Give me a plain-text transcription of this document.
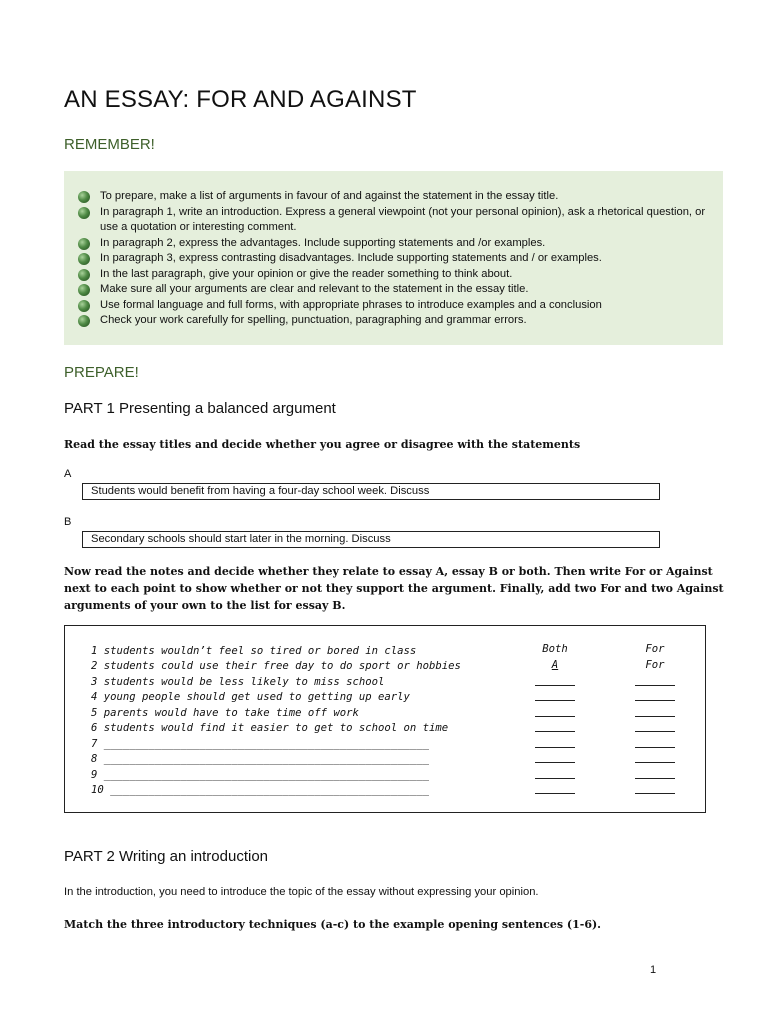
AN ESSAY: FOR AND AGAINST
REMEMBER!
To prepare, make a list of arguments in favour of and against the statement in the essay title.
In paragraph 1, write an introduction. Express a general viewpoint (not your personal opinion), ask a rhetorical question, or use a quotation or interesting comment.
In paragraph 2, express the advantages. Include supporting statements and /or examples.
In paragraph 3, express contrasting disadvantages. Include supporting statements and / or examples.
In the last paragraph, give your opinion or give the reader something to think about.
Make sure all your arguments are clear and relevant to the statement in the essay title.
Use formal language and full forms, with appropriate phrases to introduce examples and a conclusion
Check your work carefully for spelling, punctuation, paragraphing and grammar errors.
PREPARE!

PART 1 Presenting a balanced argument

Read the essay titles and decide whether you agree or disagree with the statements

A
Students would benefit from having a four-day school week. Discuss
B
Secondary schools should start later in the morning. Discuss

Now read the notes and decide whether they relate to essay A, essay B or both. Then write For or Against next to each point to show whether or not they support the argument. Finally, add two For and two Against arguments of your own to the list for essay B.

1 students wouldn’t feel so tired or bored in class
2 students could use their free day to do sport or hobbies
3 students would be less likely to miss school
4 young people should get used to getting up early
5 parents would have to take time off work
6 students would find it easier to get to school on time
7 ___________________________________________________
8 ___________________________________________________
9 ___________________________________________________
10 __________________________________________________
Both
A
For
For

PART 2 Writing an introduction

In the introduction, you need to introduce the topic of the essay without expressing your opinion.

Match the three introductory techniques (a-c) to the example opening sentences (1-6).

1
